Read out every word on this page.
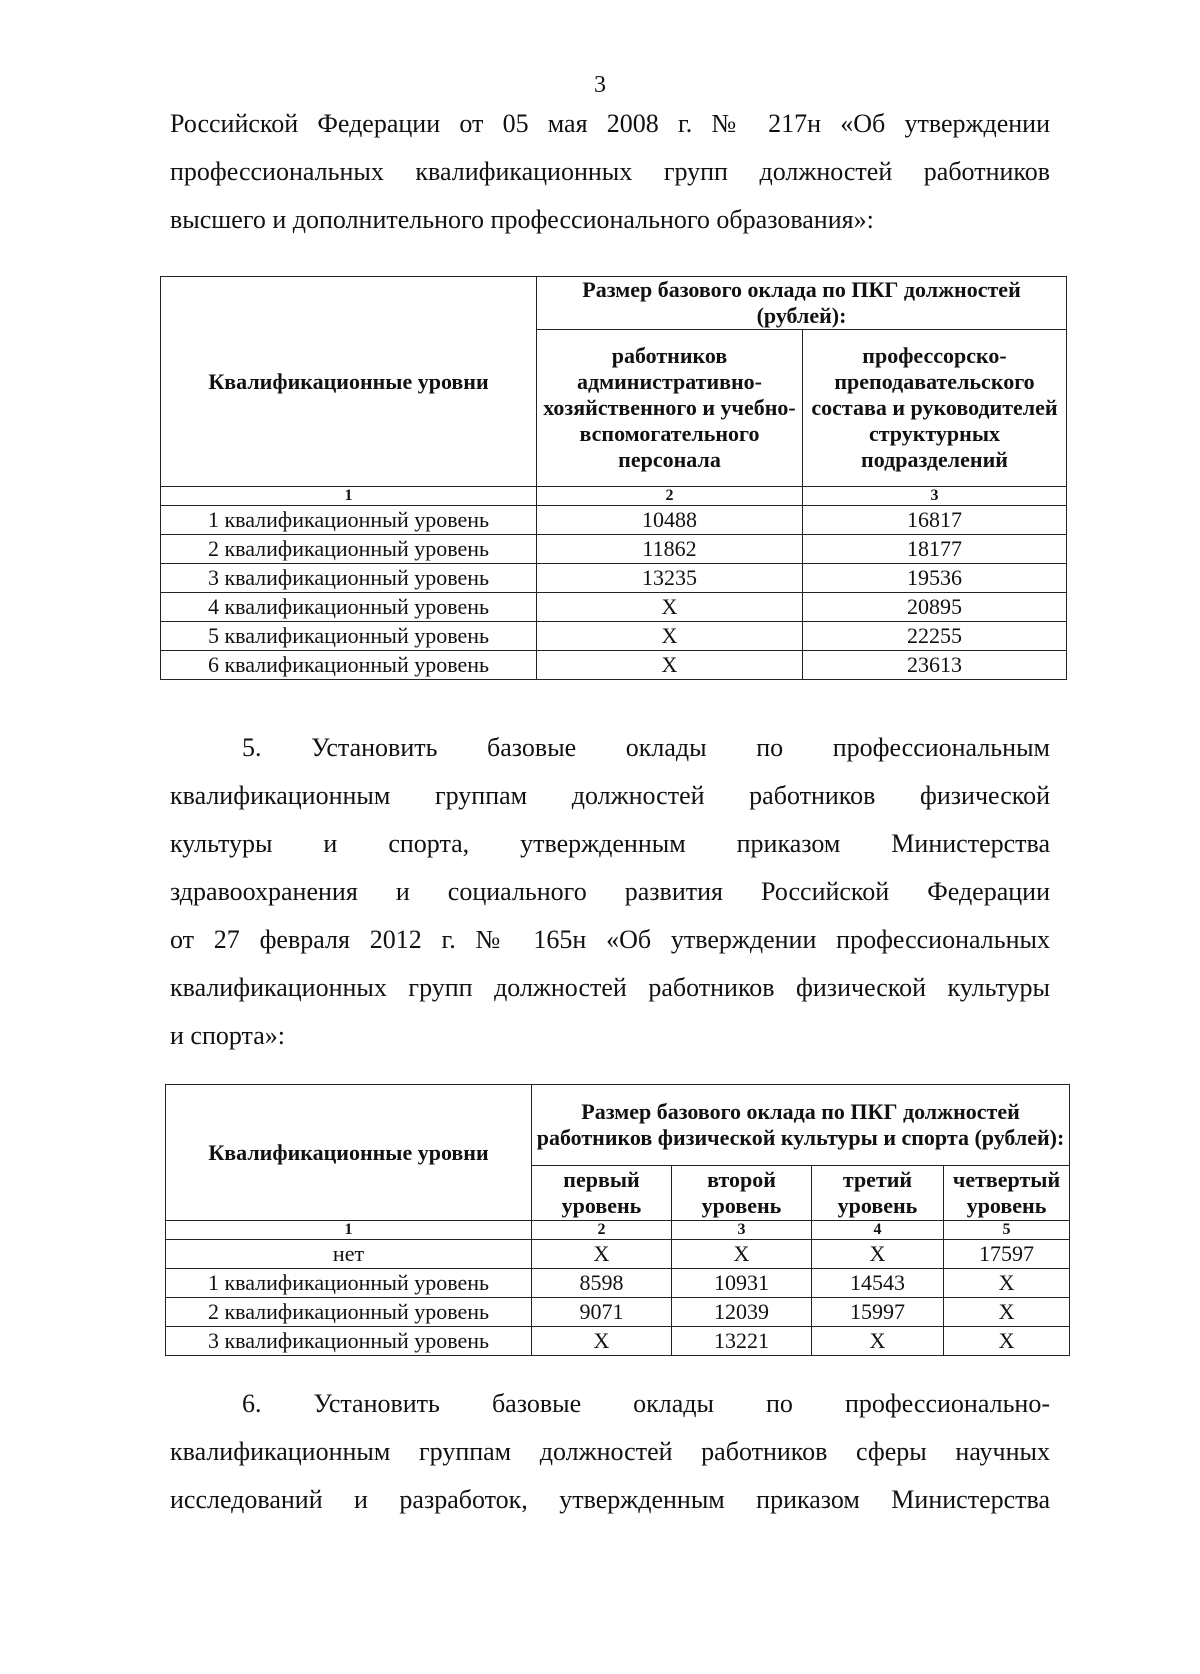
3
Российской Федерации от 05 мая 2008 г. № 217н «Об утверждении
профессиональных квалификационных групп должностей работников
высшего и дополнительного профессионального образования»:
Квалификационные уровни	Размер базового оклада по ПКГ должностей (рублей):	
	работников административно-хозяйственного и учебно-вспомогательного персонала	профессорско-преподавательского состава и руководителей структурных подразделений
1	2	3
1 квалификационный уровень	10488	16817
2 квалификационный уровень	11862	18177
3 квалификационный уровень	13235	19536
4 квалификационный уровень	X	20895
5 квалификационный уровень	X	22255
6 квалификационный уровень	X	23613
5. Установить базовые оклады по профессиональным
квалификационным группам должностей работников физической
культуры и спорта, утвержденным приказом Министерства
здравоохранения и социального развития Российской Федерации
от 27 февраля 2012 г. № 165н «Об утверждении профессиональных
квалификационных групп должностей работников физической культуры
и спорта»:
Квалификационные уровни	Размер базового оклада по ПКГ должностей работников физической культуры и спорта (рублей):			
	первый уровень	второй уровень	третий уровень	четвертый уровень
1	2	3	4	5
нет	X	X	X	17597
1 квалификационный уровень	8598	10931	14543	X
2 квалификационный уровень	9071	12039	15997	X
3 квалификационный уровень	X	13221	X	X
6. Установить базовые оклады по профессионально-
квалификационным группам должностей работников сферы научных
исследований и разработок, утвержденным приказом Министерства
